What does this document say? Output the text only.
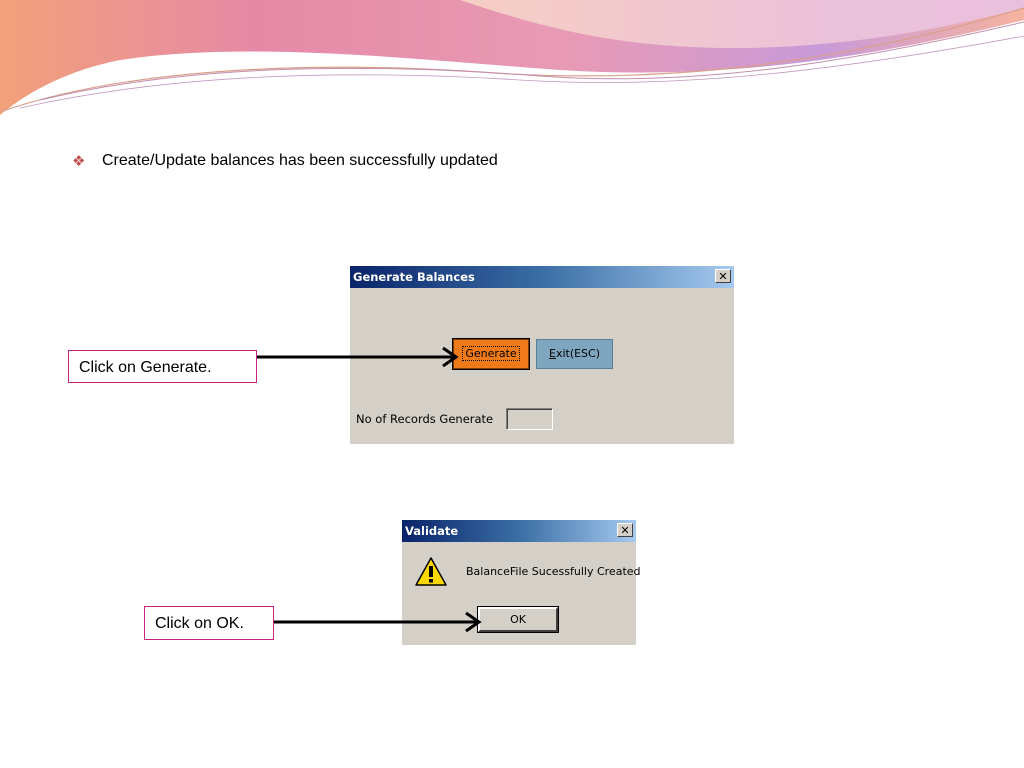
❖	Create/Update balances has been successfully updated
Generate Balances	✕
Generate	Exit(ESC)
No of Records Generate
Validate	✕
BalanceFile Sucessfully Created
OK
Click on Generate.
Click on OK.
